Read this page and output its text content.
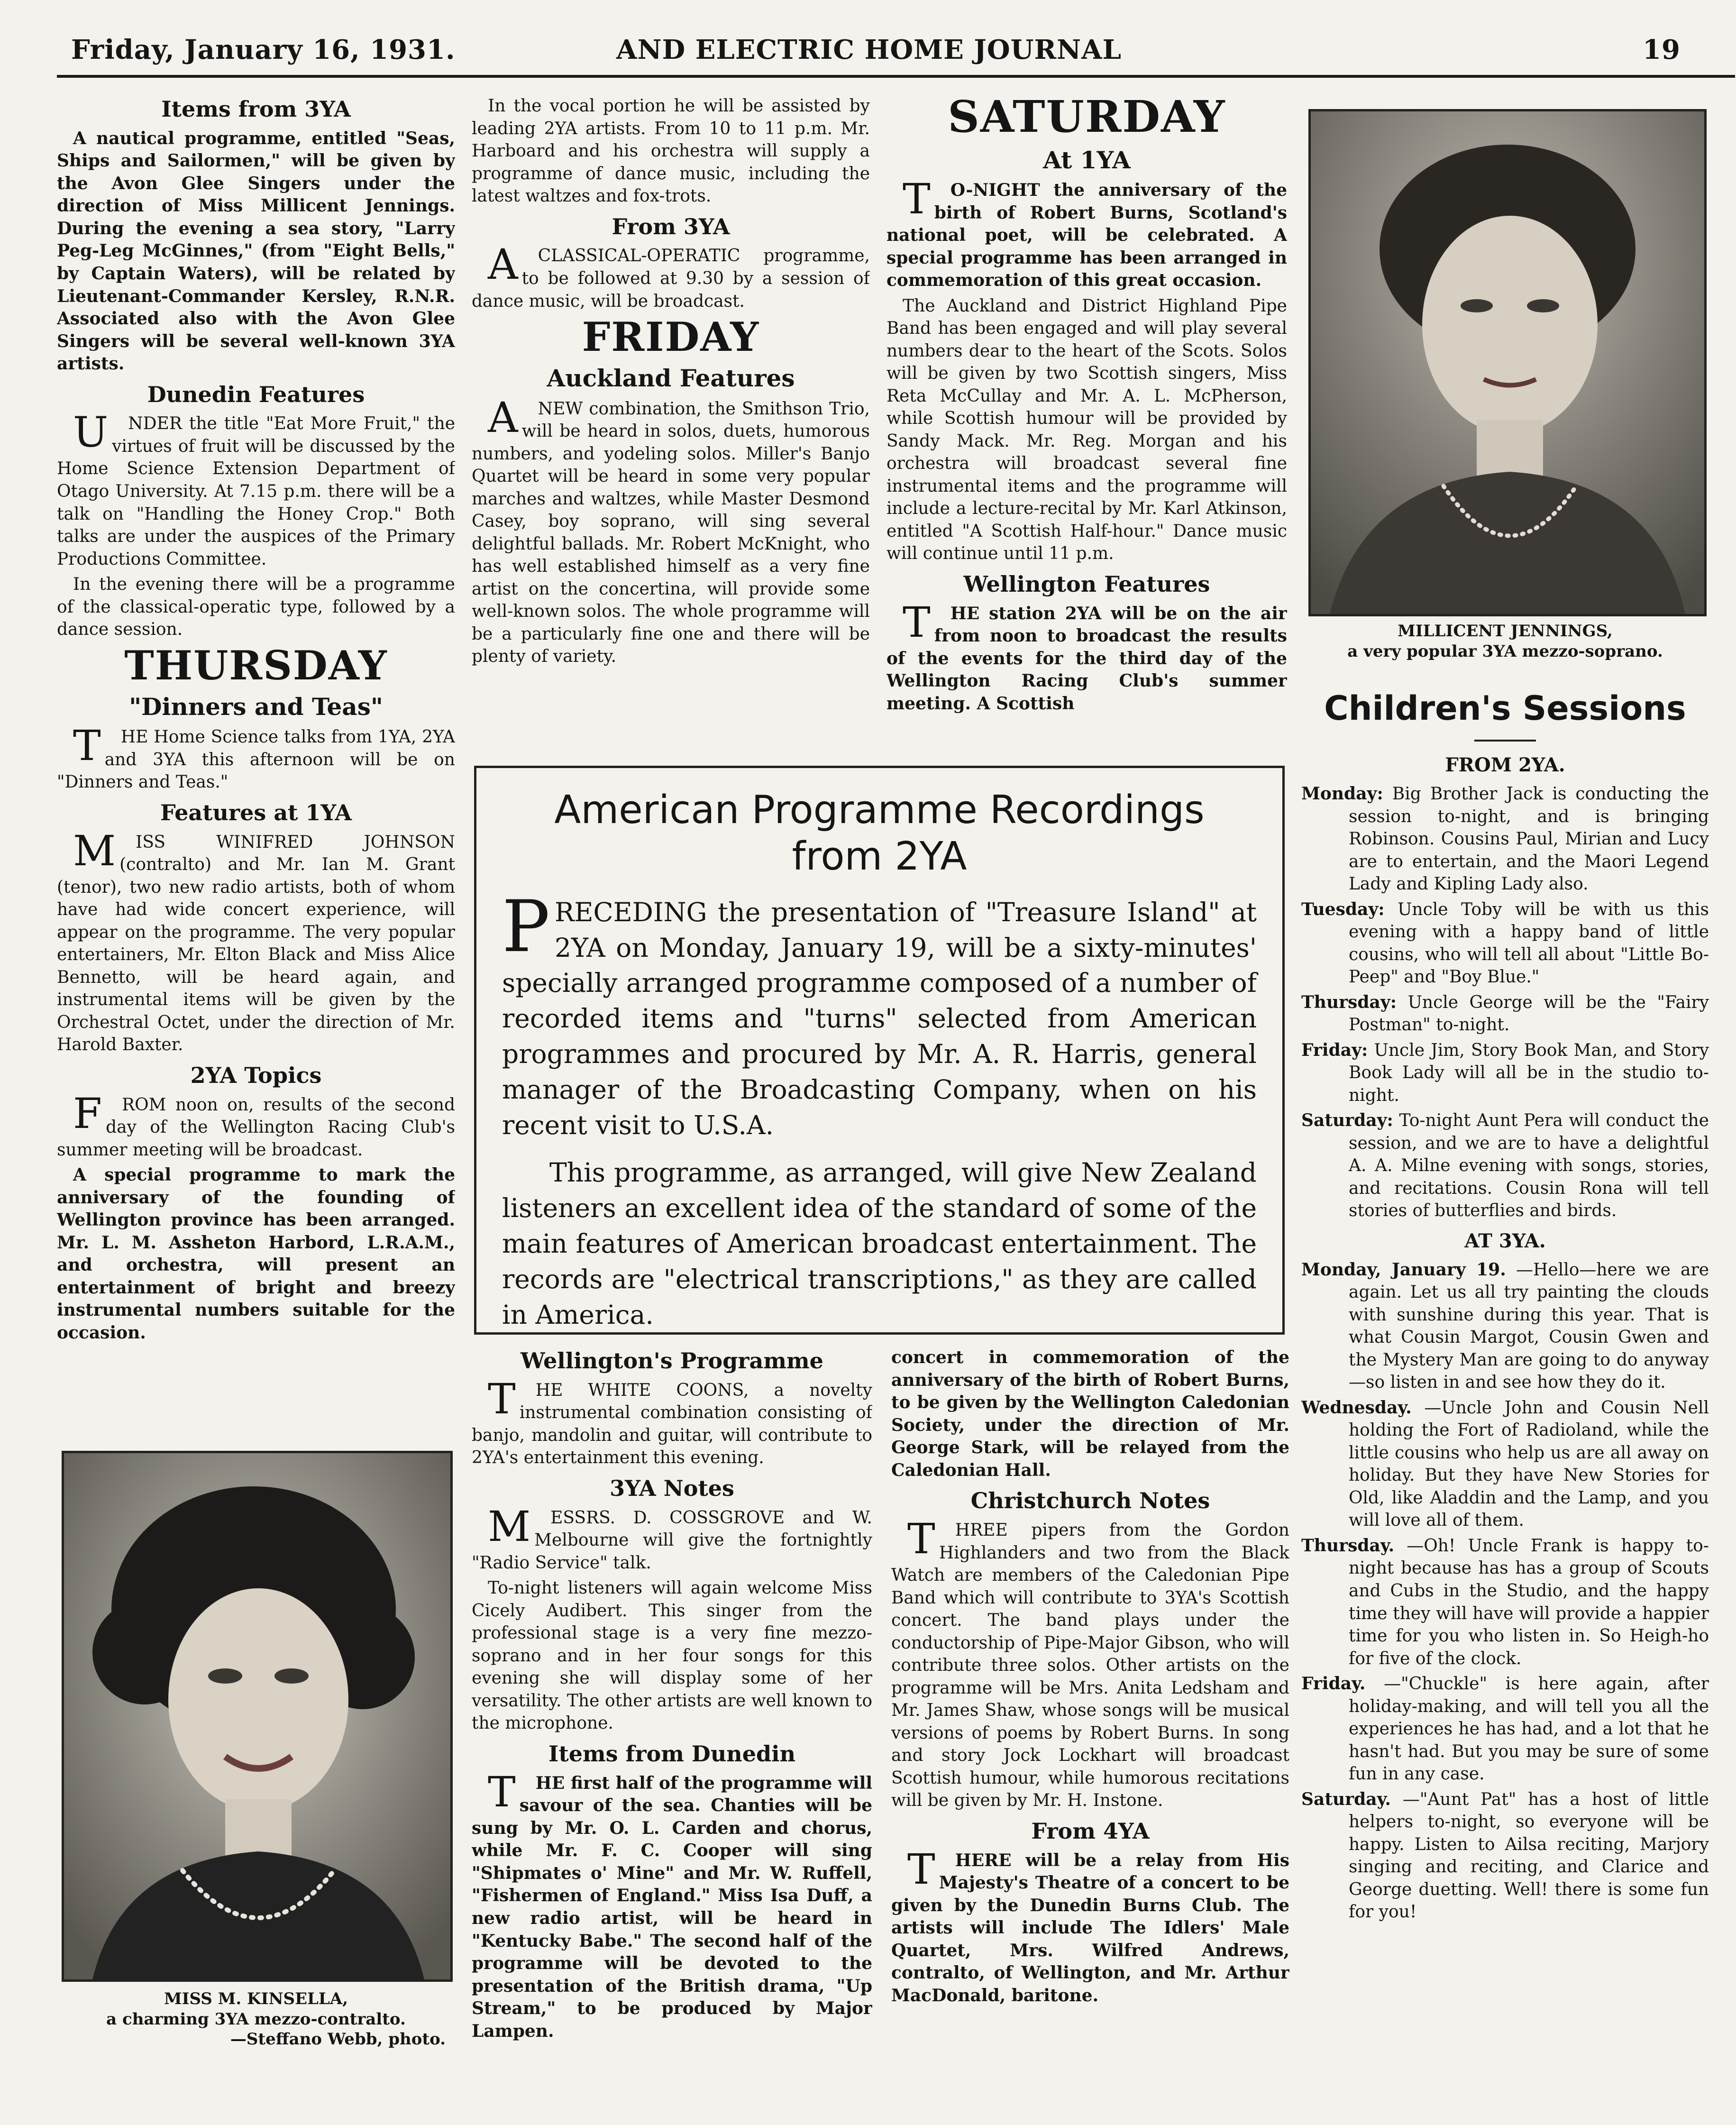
Friday, January 16, 1931.	AND ELECTRIC HOME JOURNAL	19
Items from 3YA

A nautical programme, entitled "Seas, Ships and Sailormen," will be given by the Avon Glee Singers under the direction of Miss Millicent Jennings. During the evening a sea story, "Larry Peg-Leg McGinnes," (from "Eight Bells," by Captain Waters), will be related by Lieutenant-Commander Kersley, R.N.R. Associated also with the Avon Glee Singers will be several well-known 3YA artists.

Dunedin Features

UNDER the title "Eat More Fruit," the virtues of fruit will be discussed by the Home Science Extension Department of Otago University. At 7.15 p.m. there will be a talk on "Handling the Honey Crop." Both talks are under the auspices of the Primary Productions Committee.

In the evening there will be a programme of the classical-operatic type, followed by a dance session.

THURSDAY
"Dinners and Teas"

THE Home Science talks from 1YA, 2YA and 3YA this afternoon will be on "Dinners and Teas."

Features at 1YA

MISS WINIFRED JOHNSON (contralto) and Mr. Ian M. Grant (tenor), two new radio artists, both of whom have had wide concert experience, will appear on the programme. The very popular entertainers, Mr. Elton Black and Miss Alice Bennetto, will be heard again, and instrumental items will be given by the Orchestral Octet, under the direction of Mr. Harold Baxter.

2YA Topics

FROM noon on, results of the second day of the Wellington Racing Club's summer meeting will be broadcast.

A special programme to mark the anniversary of the founding of Wellington province has been arranged. Mr. L. M. Assheton Harbord, L.R.A.M., and orchestra, will present an entertainment of bright and breezy instrumental numbers suitable for the occasion.

MISS M. KINSELLA,
a charming 3YA mezzo-contralto.
—Steffano Webb, photo.

In the vocal portion he will be assisted by leading 2YA artists. From 10 to 11 p.m. Mr. Harboard and his orchestra will supply a programme of dance music, including the latest waltzes and fox-trots.

From 3YA

ACLASSICAL-OPERATIC programme, to be followed at 9.30 by a session of dance music, will be broadcast.

FRIDAY
Auckland Features

ANEW combination, the Smithson Trio, will be heard in solos, duets, humorous numbers, and yodeling solos. Miller's Banjo Quartet will be heard in some very popular marches and waltzes, while Master Desmond Casey, boy soprano, will sing several delightful ballads. Mr. Robert McKnight, who has well established himself as a very fine artist on the concertina, will provide some well-known solos. The whole programme will be a particularly fine one and there will be plenty of variety.

SATURDAY
At 1YA

TO-NIGHT the anniversary of the birth of Robert Burns, Scotland's national poet, will be celebrated. A special programme has been arranged in commemoration of this great occasion.

The Auckland and District Highland Pipe Band has been engaged and will play several numbers dear to the heart of the Scots. Solos will be given by two Scottish singers, Miss Reta McCullay and Mr. A. L. McPherson, while Scottish humour will be provided by Sandy Mack. Mr. Reg. Morgan and his orchestra will broadcast several fine instrumental items and the programme will include a lecture-recital by Mr. Karl Atkinson, entitled "A Scottish Half-hour." Dance music will continue until 11 p.m.

Wellington Features

THE station 2YA will be on the air from noon to broadcast the results of the events for the third day of the Wellington Racing Club's summer meeting. A Scottish

MILLICENT JENNINGS,
a very popular 3YA mezzo-soprano.
American Programme Recordings
from 2YA

PRECEDING the presentation of "Treasure Island" at 2YA on Monday, January 19, will be a sixty-minutes' specially arranged programme composed of a number of recorded items and "turns" selected from American programmes and procured by Mr. A. R. Harris, general manager of the Broadcasting Company, when on his recent visit to U.S.A.

This programme, as arranged, will give New Zealand listeners an excellent idea of the standard of some of the main features of American broadcast entertainment. The records are "electrical transcriptions," as they are called in America.

Wellington's Programme

THE WHITE COONS, a novelty instrumental combination consisting of banjo, mandolin and guitar, will contribute to 2YA's entertainment this evening.

3YA Notes

MESSRS. D. COSSGROVE and W. Melbourne will give the fortnightly "Radio Service" talk.

To-night listeners will again welcome Miss Cicely Audibert. This singer from the professional stage is a very fine mezzo-soprano and in her four songs for this evening she will display some of her versatility. The other artists are well known to the microphone.

Items from Dunedin

THE first half of the programme will savour of the sea. Chanties will be sung by Mr. O. L. Carden and chorus, while Mr. F. C. Cooper will sing "Shipmates o' Mine" and Mr. W. Ruffell, "Fishermen of England." Miss Isa Duff, a new radio artist, will be heard in "Kentucky Babe." The second half of the programme will be devoted to the presentation of the British drama, "Up Stream," to be produced by Major Lampen.

concert in commemoration of the anniversary of the birth of Robert Burns, to be given by the Wellington Caledonian Society, under the direction of Mr. George Stark, will be relayed from the Caledonian Hall.

Christchurch Notes

THREE pipers from the Gordon Highlanders and two from the Black Watch are members of the Caledonian Pipe Band which will contribute to 3YA's Scottish concert. The band plays under the conductorship of Pipe-Major Gibson, who will contribute three solos. Other artists on the programme will be Mrs. Anita Ledsham and Mr. James Shaw, whose songs will be musical versions of poems by Robert Burns. In song and story Jock Lockhart will broadcast Scottish humour, while humorous recitations will be given by Mr. H. Instone.

From 4YA

THERE will be a relay from His Majesty's Theatre of a concert to be given by the Dunedin Burns Club. The artists will include The Idlers' Male Quartet, Mrs. Wilfred Andrews, contralto, of Wellington, and Mr. Arthur MacDonald, baritone.

Children's Sessions
FROM 2YA.
Monday: Big Brother Jack is conducting the session to-night, and is bringing Robinson. Cousins Paul, Mirian and Lucy are to entertain, and the Maori Legend Lady and Kipling Lady also.
Tuesday: Uncle Toby will be with us this evening with a happy band of little cousins, who will tell all about "Little Bo-Peep" and "Boy Blue."
Thursday: Uncle George will be the "Fairy Postman" to-night.
Friday: Uncle Jim, Story Book Man, and Story Book Lady will all be in the studio to-night.
Saturday: To-night Aunt Pera will conduct the session, and we are to have a delightful A. A. Milne evening with songs, stories, and recitations. Cousin Rona will tell stories of butterflies and birds.
AT 3YA.
Monday, January 19. —Hello—here we are again. Let us all try painting the clouds with sunshine during this year. That is what Cousin Margot, Cousin Gwen and the Mystery Man are going to do anyway—so listen in and see how they do it.
Wednesday. —Uncle John and Cousin Nell holding the Fort of Radioland, while the little cousins who help us are all away on holiday. But they have New Stories for Old, like Aladdin and the Lamp, and you will love all of them.
Thursday. —Oh! Uncle Frank is happy to-night because has has a group of Scouts and Cubs in the Studio, and the happy time they will have will provide a happier time for you who listen in. So Heigh-ho for five of the clock.
Friday. —"Chuckle" is here again, after holiday-making, and will tell you all the experiences he has had, and a lot that he hasn't had. But you may be sure of some fun in any case.
Saturday. —"Aunt Pat" has a host of little helpers to-night, so everyone will be happy. Listen to Ailsa reciting, Marjory singing and reciting, and Clarice and George duetting. Well! there is some fun for you!
